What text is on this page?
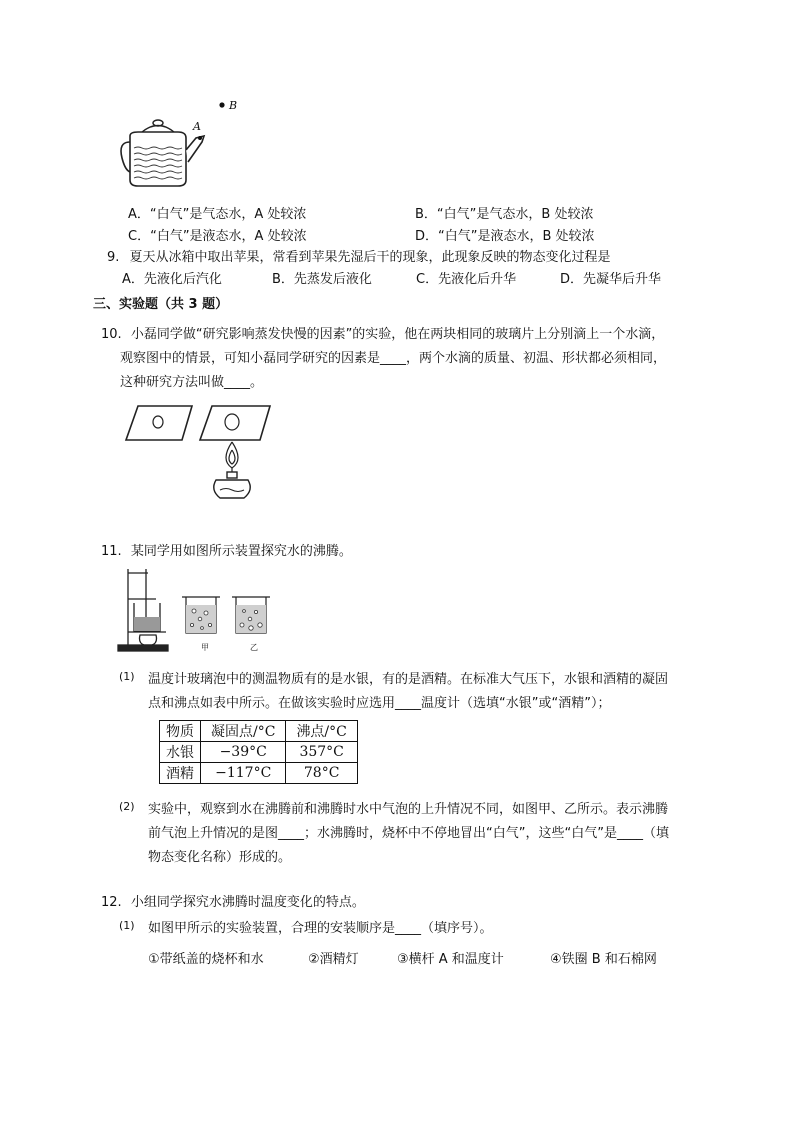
B
A
A．“白气”是气态水，A 处较浓	B．“白气”是气态水，B 处较浓
C．“白气”是液态水，A 处较浓	D．“白气”是液态水，B 处较浓
9. 夏天从冰箱中取出苹果，常看到苹果先湿后干的现象，此现象反映的物态变化过程是
A．先液化后汽化	B．先蒸发后液化	C．先液化后升华	D．先凝华后升华
三、实验题（共 3 题）
10. 小磊同学做“研究影响蒸发快慢的因素”的实验，他在两块相同的玻璃片上分别滴上一个水滴，
观察图中的情景，可知小磊同学研究的因素是____，两个水滴的质量、初温、形状都必须相同，
这种研究方法叫做____。
11. 某同学用如图所示装置探究水的沸腾。
甲	乙
(1) 温度计玻璃泡中的测温物质有的是水银，有的是酒精。在标准大气压下，水银和酒精的凝固
点和沸点如表中所示。在做该实验时应选用____温度计（选填“水银”或“酒精”）；
物质	凝固点/°C	沸点/°C
水银	−39°C	357°C
酒精	−117°C	78°C
(2) 实验中，观察到水在沸腾前和沸腾时水中气泡的上升情况不同，如图甲、乙所示。表示沸腾
前气泡上升情况的是图____；水沸腾时，烧杯中不停地冒出“白气”，这些“白气”是____（填
物态变化名称）形成的。
12. 小组同学探究水沸腾时温度变化的特点。
(1) 如图甲所示的实验装置，合理的安装顺序是____（填序号）。
①带纸盖的烧杯和水	②酒精灯	③横杆 A 和温度计	④铁圈 B 和石棉网
